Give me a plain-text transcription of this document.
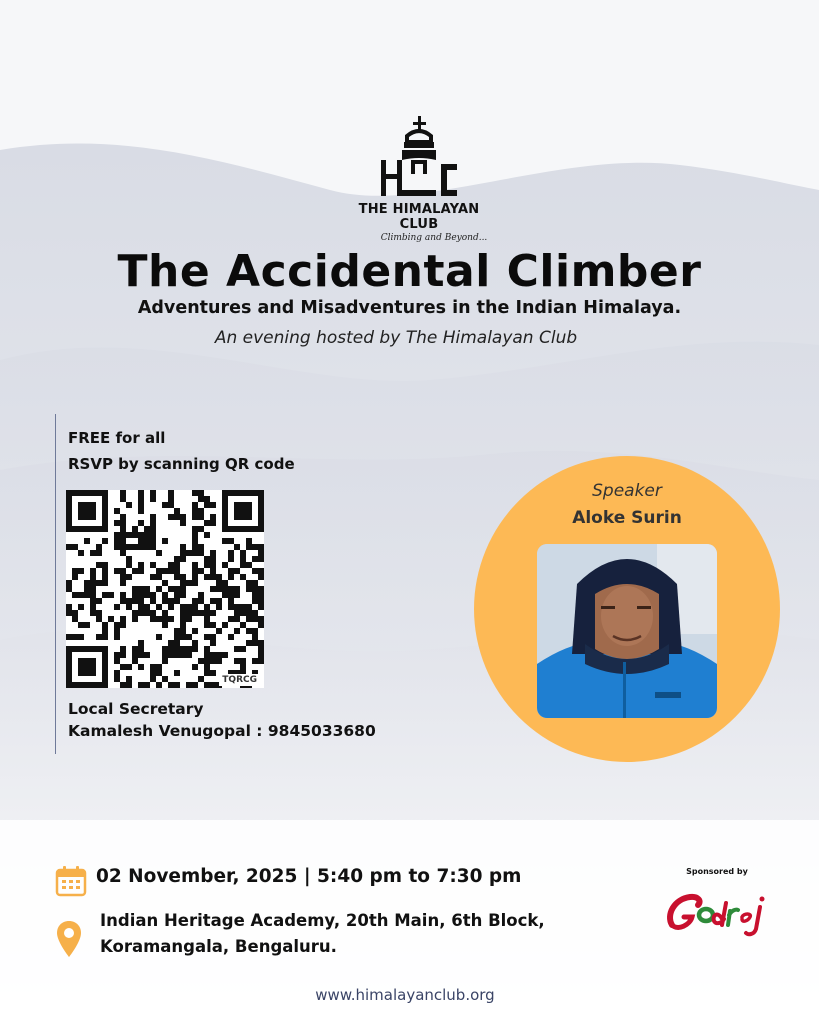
THE HIMALAYAN CLUB
Climbing and Beyond...
The Accidental Climber
Adventures and Misadventures in the Indian Himalaya.
An evening hosted by The Himalayan Club
FREE for all
RSVP by scanning QR code
TQRCG
Local Secretary
Kamalesh Venugopal : 9845033680
Speaker
Aloke Surin
02 November, 2025 | 5:40 pm to 7:30 pm
Indian Heritage Academy, 20th Main, 6th Block,
Koramangala, Bengaluru.
Sponsored by
www.himalayanclub.org
